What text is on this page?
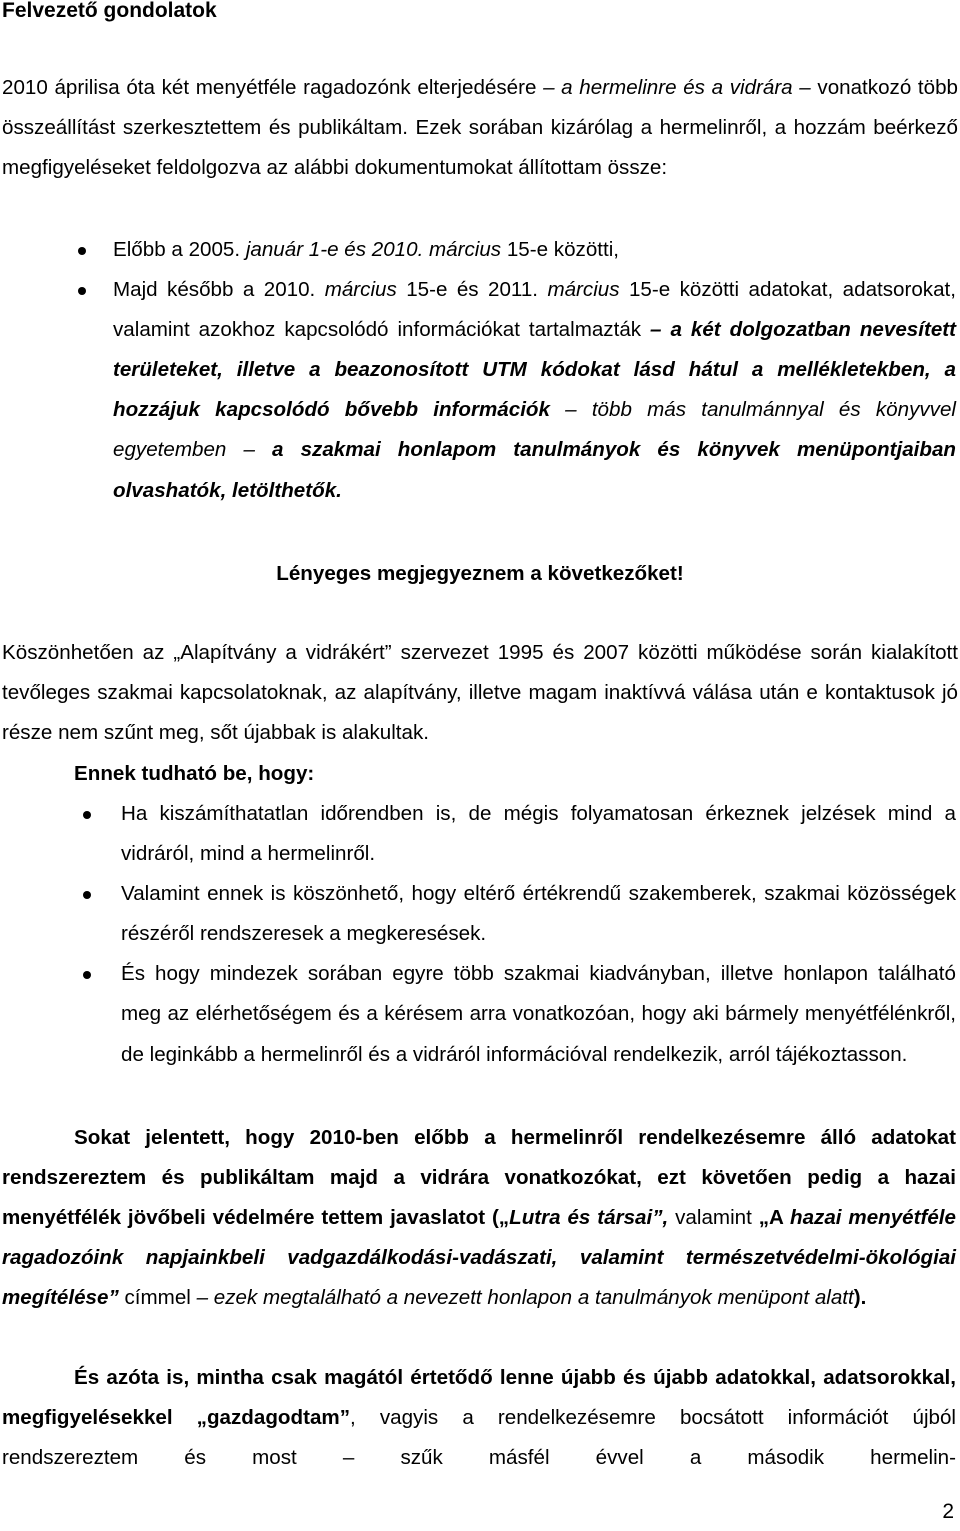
Felvezető gondolatok
2010 áprilisa óta két menyétféle ragadozónk elterjedésére – a hermelinre és a vidrára – vonatkozó több összeállítást szerkesztettem és publikáltam. Ezek sorában kizárólag a hermelinről, a hozzám beérkező megfigyeléseket feldolgozva az alábbi dokumentumokat állítottam össze:
Előbb a 2005. január 1-e és 2010. március 15-e közötti,
Majd később a 2010. március 15-e és 2011. március 15-e közötti adatokat, adatsorokat, valamint azokhoz kapcsolódó információkat tartalmazták – a két dolgozatban nevesített területeket, illetve a beazonosított UTM kódokat lásd hátul a mellékletekben, a hozzájuk kapcsolódó bővebb információk – több más tanulmánnyal és könyvvel egyetemben – a szakmai honlapom tanulmányok és könyvek menüpontjaiban olvashatók, letölthetők.
Lényeges megjegyeznem a következőket!
Köszönhetően az „Alapítvány a vidrákért” szervezet 1995 és 2007 közötti működése során kialakított tevőleges szakmai kapcsolatoknak, az alapítvány, illetve magam inaktívvá válása után e kontaktusok jó része nem szűnt meg, sőt újabbak is alakultak.
Ennek tudható be, hogy:
Ha kiszámíthatatlan időrendben is, de mégis folyamatosan érkeznek jelzések mind a vidráról, mind a hermelinről.
Valamint ennek is köszönhető, hogy eltérő értékrendű szakemberek, szakmai közösségek részéről rendszeresek a megkeresések.
És hogy mindezek sorában egyre több szakmai kiadványban, illetve honlapon található meg az elérhetőségem és a kérésem arra vonatkozóan, hogy aki bármely menyétfélénkről, de leginkább a hermelinről és a vidráról információval rendelkezik, arról tájékoztasson.
Sokat jelentett, hogy 2010-ben előbb a hermelinről rendelkezésemre álló adatokat rendszereztem és publikáltam majd a vidrára vonatkozókat, ezt követően pedig a hazai menyétfélék jövőbeli védelmére tettem javaslatot („Lutra és társai”, valamint „A hazai menyétféle ragadozóink napjainkbeli vadgazdálkodási-vadászati, valamint természetvédelmi-ökológiai megítélése” címmel – ezek megtalálható a nevezett honlapon a tanulmányok menüpont alatt).
És azóta is, mintha csak magától értetődő lenne újabb és újabb adatokkal, adatsorokkal, megfigyelésekkel „gazdagodtam”, vagyis a rendelkezésemre bocsátott információt újból rendszereztem és most – szűk másfél évvel a második hermelin-
2
